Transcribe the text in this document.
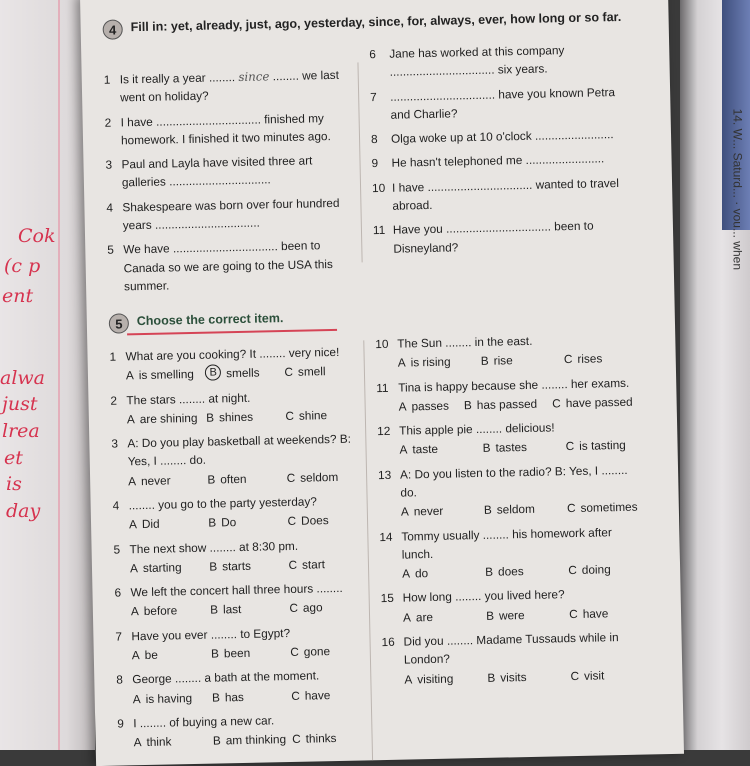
Cok
(c p
ent
alwa
just
lrea
et
is
day
14. W... Saturd... · vou... when
4	Fill in: yet, already, just, ago, yesterday, since, for, always, ever, how long or so far.
1 Is it really a year ........ since ........ we last went on holiday?
2 I have ................................ finished my homework. I finished it two minutes ago.
3 Paul and Layla have visited three art galleries ...............................
4 Shakespeare was born over four hundred years ................................
5 We have ................................ been to Canada so we are going to the USA this summer.
6	Jane has worked at this company ................................ six years.
7	................................ have you known Petra and Charlie?
8	Olga woke up at 10 o'clock ........................
9	He hasn't telephoned me ........................
10 I have ................................ wanted to travel abroad.
11 Have you ................................ been to Disneyland?
5	Choose the correct item.
1 What are you cooking? It ........ very nice!
A is smelling	B smells C smell
2 The stars ........ at night.
A are shining B shines	C shine
3 A: Do you play basketball at weekends? B: Yes, I ........ do.
A never	B often	C seldom
4 ........ you go to the party yesterday?
A Did	B Do	C Does
5 The next show ........ at 8:30 pm.
A starting B starts	C start
6 We left the concert hall three hours ........
A before	B last	C ago
7 Have you ever ........ to Egypt?
A be	B been	C gone
8 George ........ a bath at the moment.
A is having B has	C have
9 I ........ of buying a new car.
A think	B am thinking C thinks
10 The Sun ........ in the east.
A is rising	B rise	C rises
11 Tina is happy because she ........ her exams.
A passes B has passed C have passed
12 This apple pie ........ delicious!
A taste	B tastes	C is tasting
13 A: Do you listen to the radio? B: Yes, I ........ do.
A never	B seldom	C sometimes
14 Tommy usually ........ his homework after lunch.
A do	B does	C doing
15 How long ........ you lived here?
A are	B were	C have
16 Did you ........ Madame Tussauds while in London?
A visiting	B visits	C visit
